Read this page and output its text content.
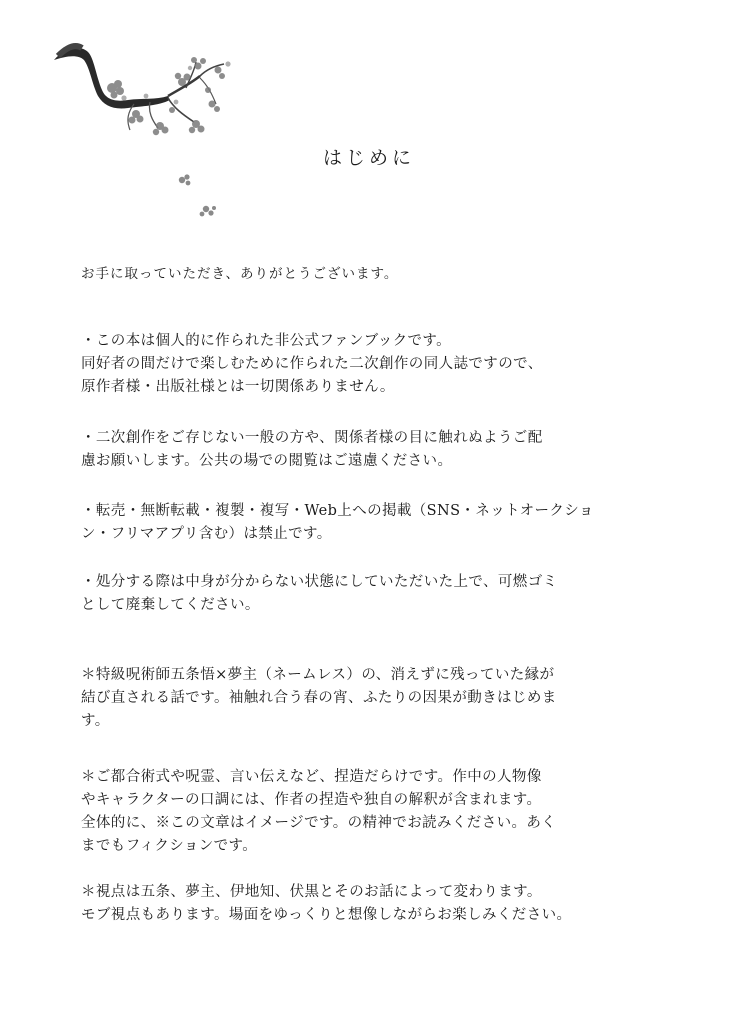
はじめに
お手に取っていただき、ありがとうございます。
・この本は個人的に作られた非公式ファンブックです。
同好者の間だけで楽しむために作られた二次創作の同人誌ですので、
原作者様・出版社様とは一切関係ありません。
・二次創作をご存じない一般の方や、関係者様の目に触れぬようご配
慮お願いします。公共の場での閲覧はご遠慮ください。
・転売・無断転載・複製・複写・Web上への掲載（SNS・ネットオークショ
ン・フリマアプリ含む）は禁止です。
・処分する際は中身が分からない状態にしていただいた上で、可燃ゴミ
として廃棄してください。
＊特級呪術師五条悟×夢主（ネームレス）の、消えずに残っていた縁が
結び直される話です。袖触れ合う春の宵、ふたりの因果が動きはじめま
す。
＊ご都合術式や呪霊、言い伝えなど、捏造だらけです。作中の人物像
やキャラクターの口調には、作者の捏造や独自の解釈が含まれます。
全体的に、※この文章はイメージです。の精神でお読みください。あく
までもフィクションです。
＊視点は五条、夢主、伊地知、伏黒とそのお話によって変わります。
モブ視点もあります。場面をゆっくりと想像しながらお楽しみください。
